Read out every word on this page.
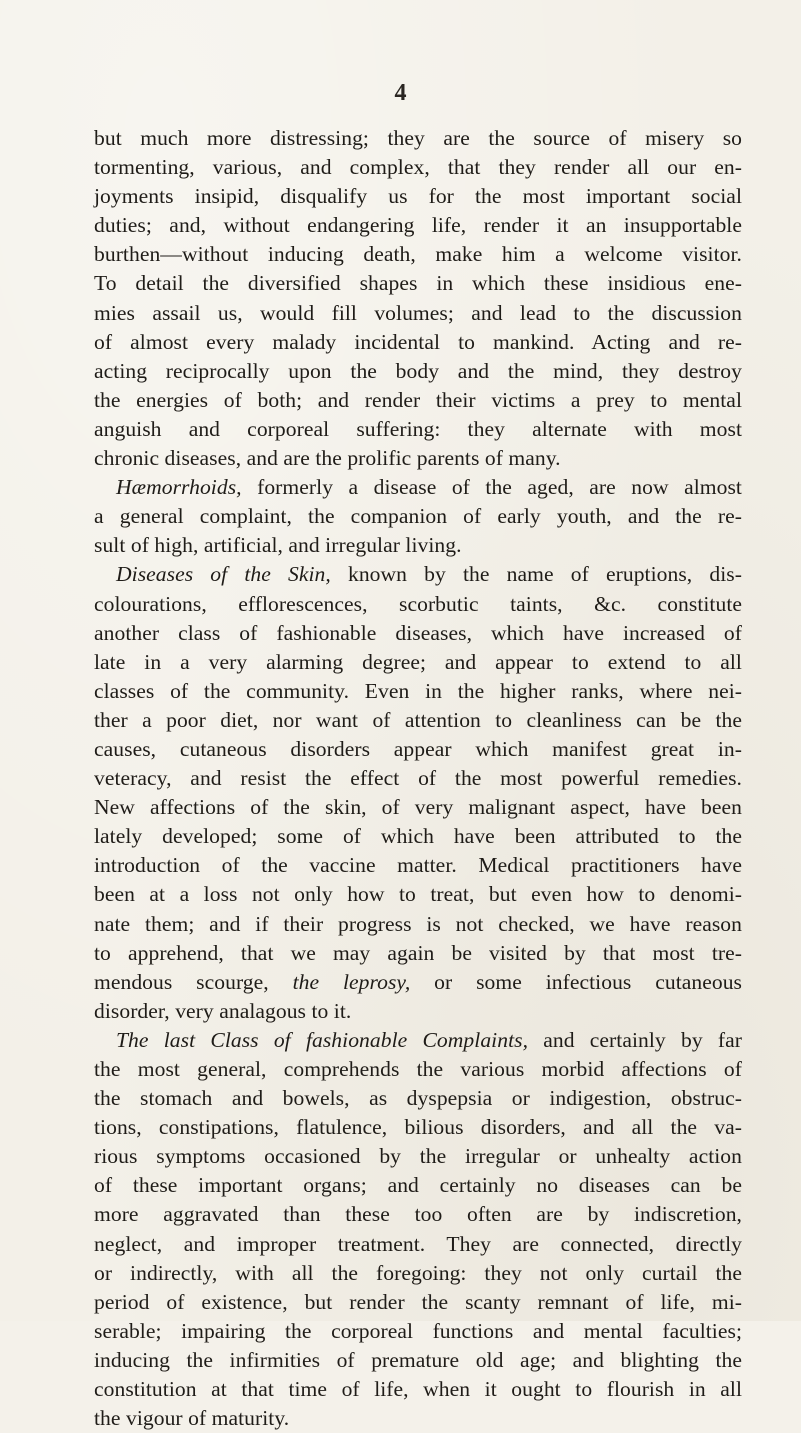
4
but much more distressing; they are the source of misery so
tormenting, various, and complex, that they render all our en-
joyments insipid, disqualify us for the most important social
duties; and, without endangering life, render it an insupportable
burthen—without inducing death, make him a welcome visitor.
To detail the diversified shapes in which these insidious ene-
mies assail us, would fill volumes; and lead to the discussion
of almost every malady incidental to mankind. Acting and re-
acting reciprocally upon the body and the mind, they destroy
the energies of both; and render their victims a prey to mental
anguish and corporeal suffering: they alternate with most
chronic diseases, and are the prolific parents of many.
Hæmorrhoids, formerly a disease of the aged, are now almost
a general complaint, the companion of early youth, and the re-
sult of high, artificial, and irregular living.
Diseases of the Skin, known by the name of eruptions, dis-
colourations, efflorescences, scorbutic taints, &c. constitute
another class of fashionable diseases, which have increased of
late in a very alarming degree; and appear to extend to all
classes of the community. Even in the higher ranks, where nei-
ther a poor diet, nor want of attention to cleanliness can be the
causes, cutaneous disorders appear which manifest great in-
veteracy, and resist the effect of the most powerful remedies.
New affections of the skin, of very malignant aspect, have been
lately developed; some of which have been attributed to the
introduction of the vaccine matter. Medical practitioners have
been at a loss not only how to treat, but even how to denomi-
nate them; and if their progress is not checked, we have reason
to apprehend, that we may again be visited by that most tre-
mendous scourge, the leprosy, or some infectious cutaneous
disorder, very analagous to it.
The last Class of fashionable Complaints, and certainly by far
the most general, comprehends the various morbid affections of
the stomach and bowels, as dyspepsia or indigestion, obstruc-
tions, constipations, flatulence, bilious disorders, and all the va-
rious symptoms occasioned by the irregular or unhealty action
of these important organs; and certainly no diseases can be
more aggravated than these too often are by indiscretion,
neglect, and improper treatment. They are connected, directly
or indirectly, with all the foregoing: they not only curtail the
period of existence, but render the scanty remnant of life, mi-
serable; impairing the corporeal functions and mental faculties;
inducing the infirmities of premature old age; and blighting the
constitution at that time of life, when it ought to flourish in all
the vigour of maturity.
